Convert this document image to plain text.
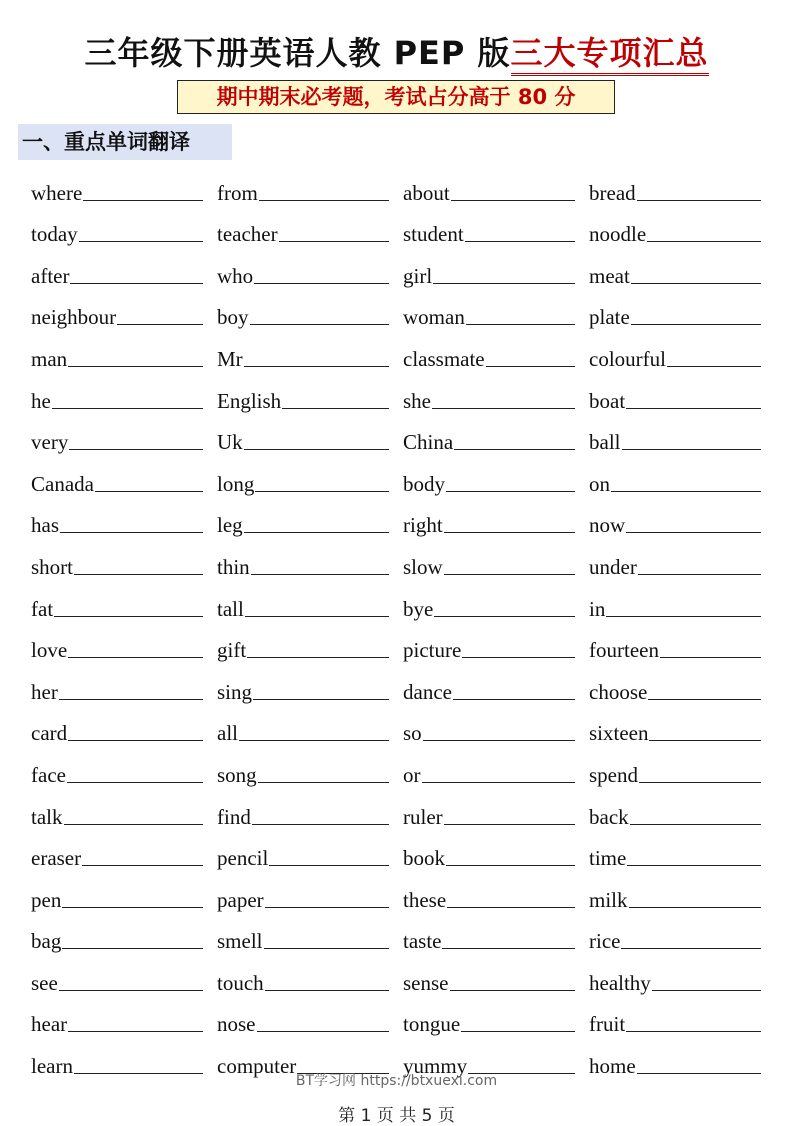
三年级下册英语人教 PEP 版三大专项汇总
期中期末必考题，考试占分高于 80 分
一、重点单词翻译
where	from	about	bread
today	teacher	student	noodle
after	who	girl	meat
neighbour	boy	woman	plate
man	Mr	classmate	colourful
he	English	she	boat
very	Uk	China	ball
Canada	long	body	on
has	leg	right	now
short	thin	slow	under
fat	tall	bye	in
love	gift	picture	fourteen
her	sing	dance	choose
card	all	so	sixteen
face	song	or	spend
talk	find	ruler	back
eraser	pencil	book	time
pen	paper	these	milk
bag	smell	taste	rice
see	touch	sense	healthy
hear	nose	tongue	fruit
learn	computer	yummy	home
BT学习网 https://btxuexi.com
第 1 页 共 5 页
